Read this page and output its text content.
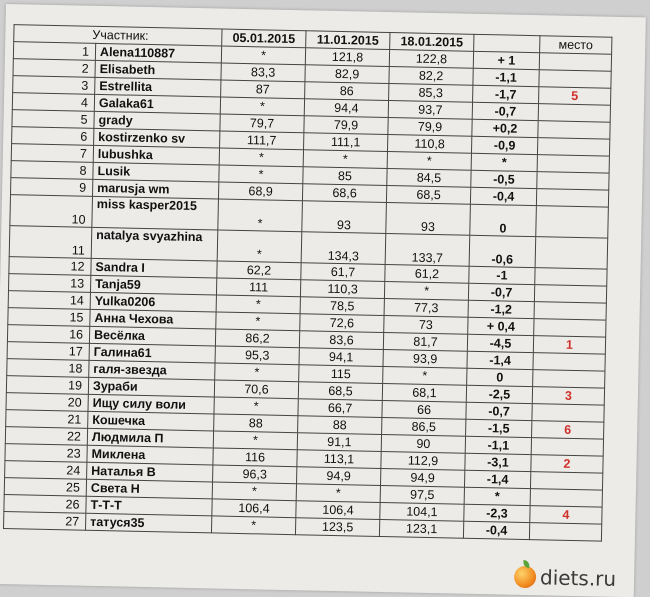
Участник:		05.01.2015	11.01.2015	18.01.2015		место
1	Alena110887	*	121,8	122,8	+ 1	
2	Elisabeth	83,3	82,9	82,2	-1,1	
3	Estrellita	87	86	85,3	-1,7	5
4	Galaka61	*	94,4	93,7	-0,7	
5	grady	79,7	79,9	79,9	+0,2	
6	kostirzenko sv	111,7	111,1	110,8	-0,9	
7	lubushka	*	*	*	*	
8	Lusik	*	85	84,5	-0,5	
9	marusja wm	68,9	68,6	68,5	-0,4	
10	miss kasper2015	*	93	93	0	
11	natalya svyazhina	*	134,3	133,7	-0,6	
12	Sandra I	62,2	61,7	61,2	-1	
13	Tanja59	111	110,3	*	-0,7	
14	Yulka0206	*	78,5	77,3	-1,2	
15	Анна Чехова	*	72,6	73	+ 0,4	
16	Весёлка	86,2	83,6	81,7	-4,5	1
17	Галина61	95,3	94,1	93,9	-1,4	
18	галя-звезда	*	115	*	0	
19	Зураби	70,6	68,5	68,1	-2,5	3
20	Ищу силу воли	*	66,7	66	-0,7	
21	Кошечка	88	88	86,5	-1,5	6
22	Людмила П	*	91,1	90	-1,1	
23	Миклена	116	113,1	112,9	-3,1	2
24	Наталья В	96,3	94,9	94,9	-1,4	
25	Света Н	*	*	97,5	*	
26	Т-Т-Т	106,4	106,4	104,1	-2,3	4
27	татуся35	*	123,5	123,1	-0,4	
diets.ru
